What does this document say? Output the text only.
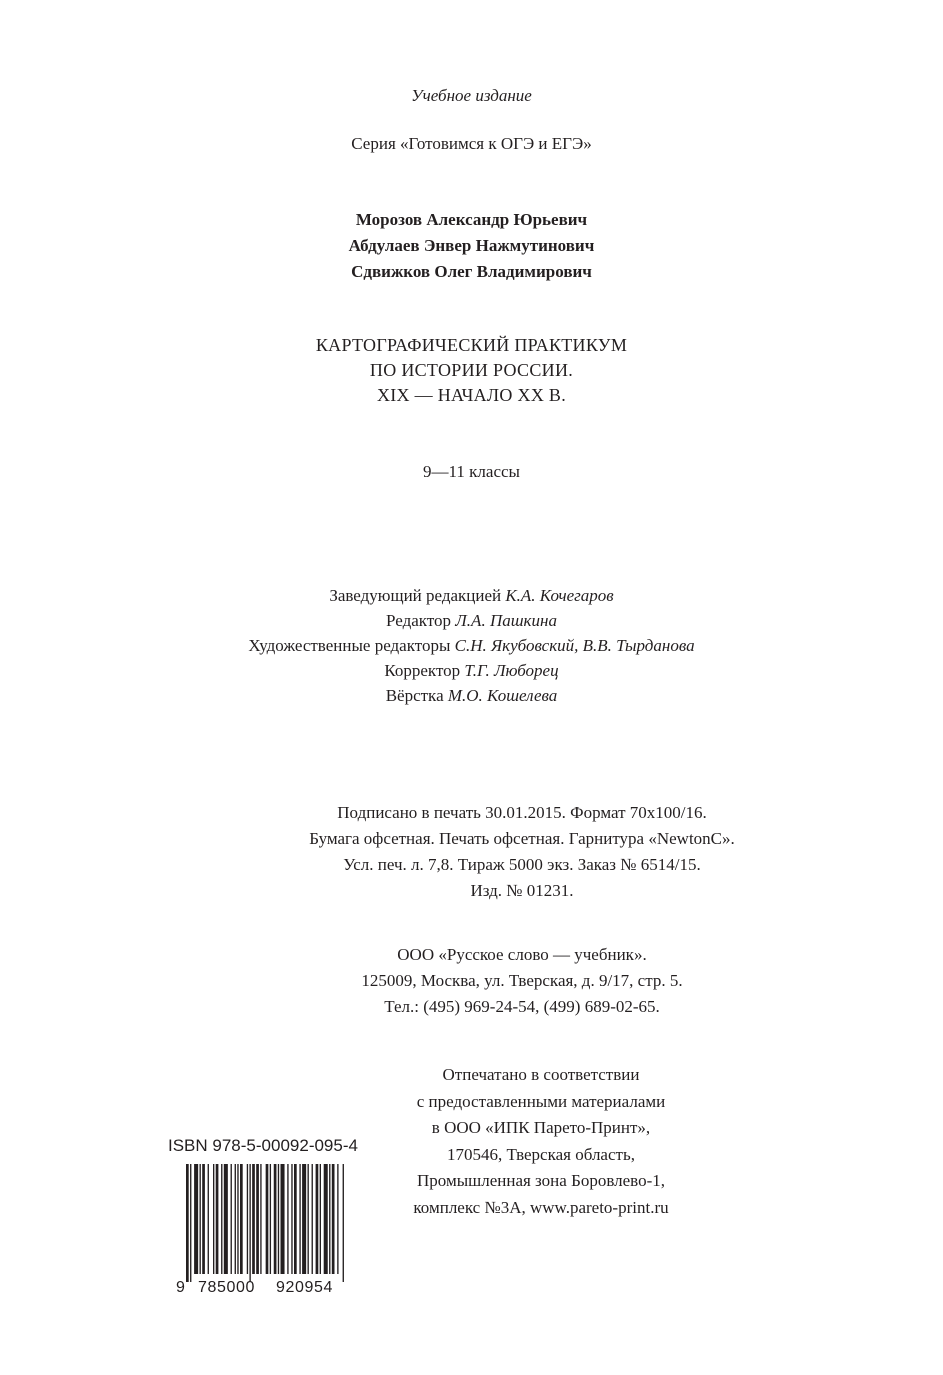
Учебное издание
Серия «Готовимся к ОГЭ и ЕГЭ»
Морозов Александр Юрьевич
Абдулаев Энвер Нажмутинович
Сдвижков Олег Владимирович
КАРТОГРАФИЧЕСКИЙ ПРАКТИКУМ
ПО ИСТОРИИ РОССИИ.
XIX — НАЧАЛО XX В.
9—11 классы
Заведующий редакцией К.А. Кочегаров
Редактор Л.А. Пашкина
Художественные редакторы С.Н. Якубовский, В.В. Тырданова
Корректор Т.Г. Люборец
Вёрстка М.О. Кошелева
Подписано в печать 30.01.2015. Формат 70x100/16.
Бумага офсетная. Печать офсетная. Гарнитура «NewtonC».
Усл. печ. л. 7,8. Тираж 5000 экз. Заказ № 6514/15.
Изд. № 01231.
ООО «Русское слово — учебник».
125009, Москва, ул. Тверская, д. 9/17, стр. 5.
Тел.: (495) 969-24-54, (499) 689-02-65.
Отпечатано в соответствии
с предоставленными материалами
в ООО «ИПК Парето-Принт»,
170546, Тверская область,
Промышленная зона Боровлево-1,
комплекс №3А, www.pareto-print.ru
ISBN 978-5-00092-095-4
9 785000 920954
